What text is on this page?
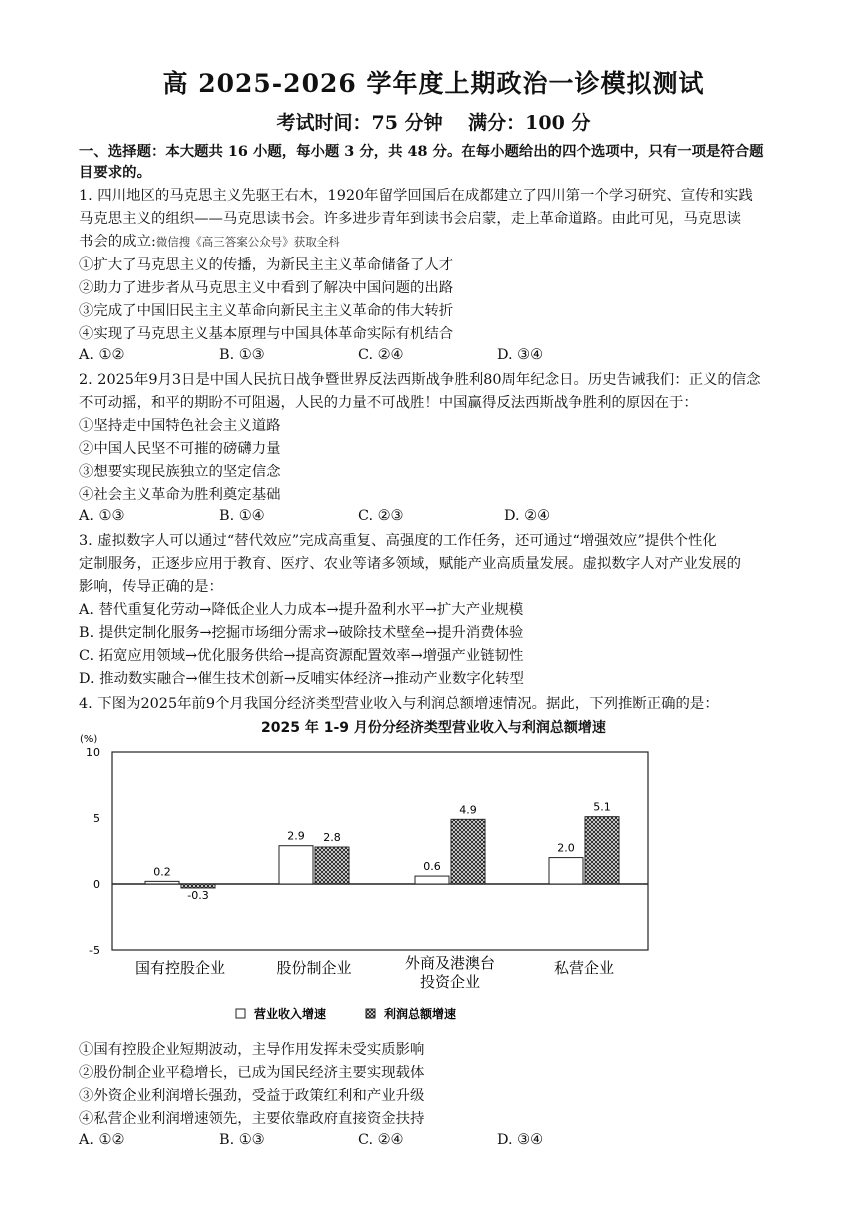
高 2025-2026 学年度上期政治一诊模拟测试
考试时间：75 分钟　 满分：100 分
一、选择题：本大题共 16 小题，每小题 3 分，共 48 分。在每小题给出的四个选项中，只有一项是符合题
目要求的。
1. 四川地区的马克思主义先驱王右木，1920年留学回国后在成都建立了四川第一个学习研究、宣传和实践
马克思主义的组织——马克思读书会。许多进步青年到读书会启蒙，走上革命道路。由此可见，马克思读
书会的成立:微信搜《高三答案公众号》获取全科
①扩大了马克思主义的传播，为新民主主义革命储备了人才
②助力了进步者从马克思主义中看到了解决中国问题的出路
③完成了中国旧民主主义革命向新民主主义革命的伟大转折
④实现了马克思主义基本原理与中国具体革命实际有机结合
A. ①②	B. ①③	C. ②④	D. ③④
2. 2025年9月3日是中国人民抗日战争暨世界反法西斯战争胜利80周年纪念日。历史告诫我们：正义的信念
不可动摇，和平的期盼不可阻遏，人民的力量不可战胜！中国赢得反法西斯战争胜利的原因在于：
①坚持走中国特色社会主义道路
②中国人民坚不可摧的磅礴力量
③想要实现民族独立的坚定信念
④社会主义革命为胜利奠定基础
A. ①③	B. ①④	C. ②③	D. ②④
3. 虚拟数字人可以通过“替代效应”完成高重复、高强度的工作任务，还可通过“增强效应”提供个性化
定制服务，正逐步应用于教育、医疗、农业等诸多领域，赋能产业高质量发展。虚拟数字人对产业发展的
影响，传导正确的是：
A. 替代重复化劳动→降低企业人力成本→提升盈利水平→扩大产业规模
B. 提供定制化服务→挖掘市场细分需求→破除技术壁垒→提升消费体验
C. 拓宽应用领域→优化服务供给→提高资源配置效率→增强产业链韧性
D. 推动数实融合→催生技术创新→反哺实体经济→推动产业数字化转型
4. 下图为2025年前9个月我国分经济类型营业收入与利润总额增速情况。据此，下列推断正确的是：
2025 年 1-9 月份分经济类型营业收入与利润总额增速
(%)
10
5
0
-5
0.2
2.9
0.6
2.0
-0.3
2.8
4.9	5.1
国有控股企业	股份制企业	外商及港澳台
投资企业
私营企业
营业收入增速	利润总额增速
①国有控股企业短期波动，主导作用发挥未受实质影响
②股份制企业平稳增长，已成为国民经济主要实现载体
③外资企业利润增长强劲，受益于政策红利和产业升级
④私营企业利润增速领先，主要依靠政府直接资金扶持
A. ①②	B. ①③	C. ②④	D. ③④
